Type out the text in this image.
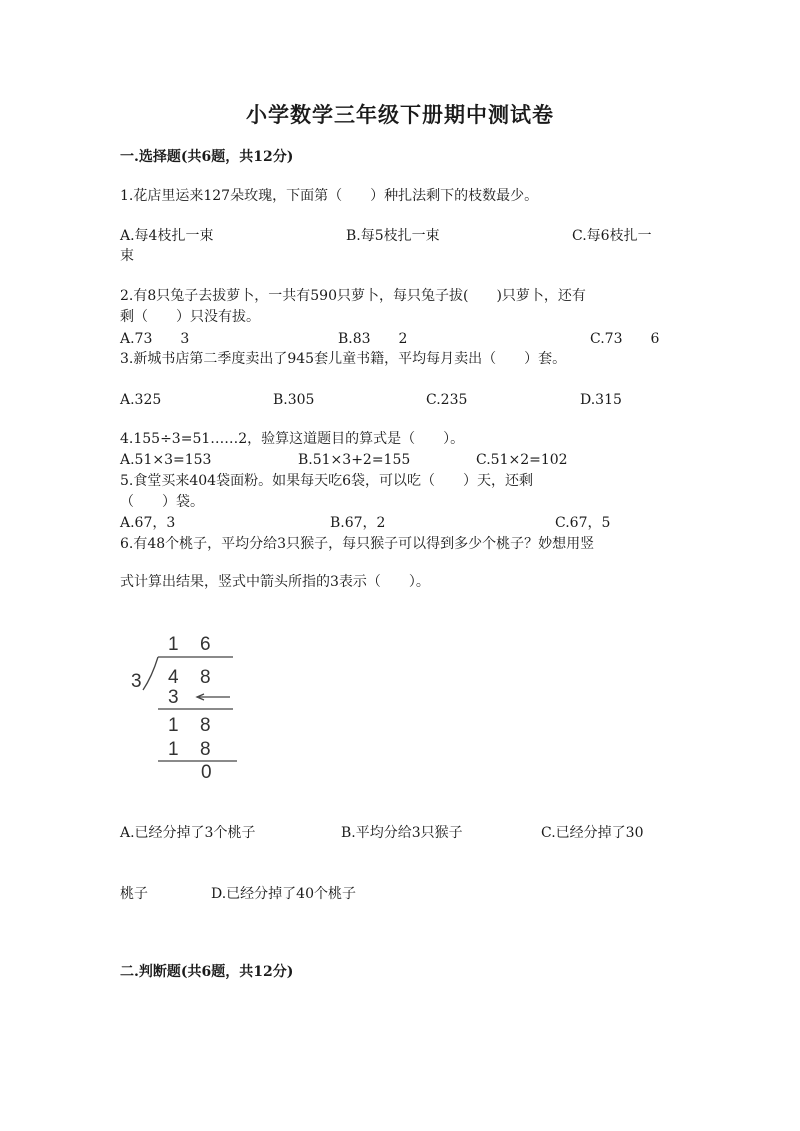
小学数学三年级下册期中测试卷
一.选择题(共6题，共12分)
1.花店里运来127朵玫瑰，下面第（　　）种扎法剩下的枝数最少。
A.每4枝扎一束	B.每5枝扎一束	C.每6枝扎一
束
2.有8只兔子去拔萝卜，一共有590只萝卜，每只兔子拔(　　)只萝卜，还有
剩（　　）只没有拔。
A.73　　3	B.83　　2	C.73　　6
3.新城书店第二季度卖出了945套儿童书籍，平均每月卖出（　　）套。
A.325	B.305	C.235	D.315
4.155÷3=51……2，验算这道题目的算式是（　　）。
A.51×3=153	B.51×3+2=155	C.51×2=102
5.食堂买来404袋面粉。如果每天吃6袋，可以吃（　　）天，还剩
（　　）袋。
A.67，3	B.67，2	C.67，5
6.有48个桃子，平均分给3只猴子，每只猴子可以得到多少个桃子？妙想用竖
式计算出结果，竖式中箭头所指的3表示（　　）。
1 6
3 4 8
3
1 8
1 8
0
A.已经分掉了3个桃子	B.平均分给3只猴子	C.已经分掉了30
桃子	D.已经分掉了40个桃子
二.判断题(共6题，共12分)
